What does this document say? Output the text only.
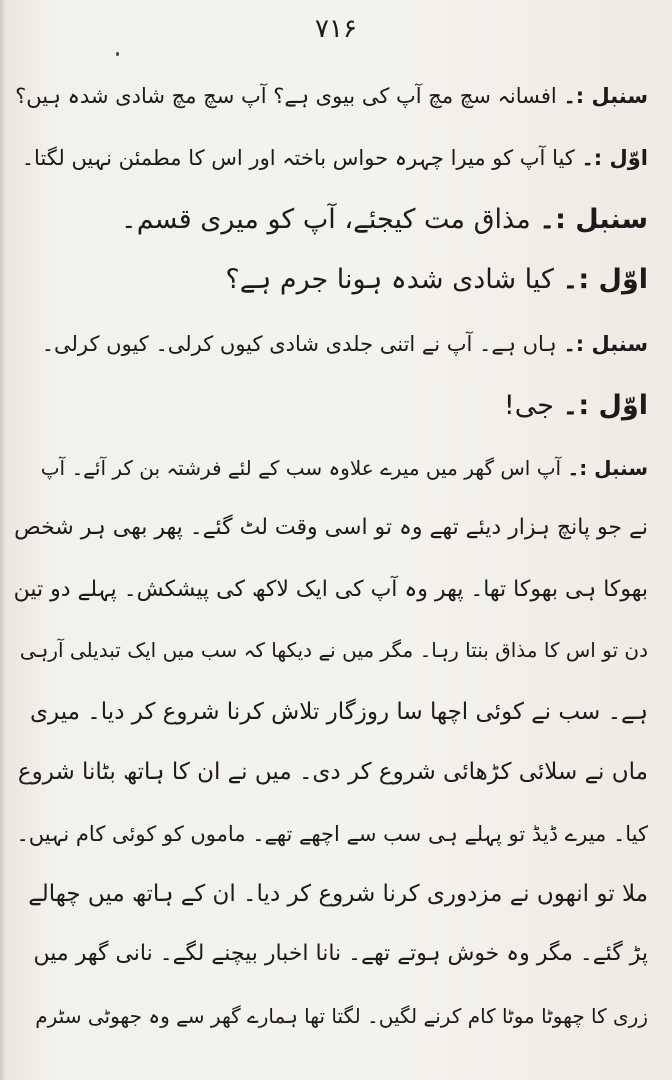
۷۱۶
سنبل :۔ افسانہ سچ مچ آپ کی بیوی ہے؟ آپ سچ مچ شادی شدہ ہیں؟
اوّل :۔ کیا آپ کو میرا چہرہ حواس باختہ اور اس کا مطمئن نہیں لگتا۔
سنبل :۔ مذاق مت کیجئے، آپ کو میری قسم۔
اوّل :۔ کیا شادی شدہ ہونا جرم ہے؟
سنبل :۔ ہاں ہے۔ آپ نے اتنی جلدی شادی کیوں کرلی۔ کیوں کرلی۔
اوّل :۔ جی!
سنبل :۔ آپ اس گھر میں میرے علاوہ سب کے لئے فرشتہ بن کر آئے۔ آپ
نے جو پانچ ہزار دیئے تھے وہ تو اسی وقت لٹ گئے۔ پھر بھی ہر شخص
بھوکا ہی بھوکا تھا۔ پھر وہ آپ کی ایک لاکھ کی پیشکش۔ پہلے دو تین
دن تو اس کا مذاق بنتا رہا۔ مگر میں نے دیکھا کہ سب میں ایک تبدیلی آرہی
ہے۔ سب نے کوئی اچھا سا روزگار تلاش کرنا شروع کر دیا۔ میری
ماں نے سلائی کڑھائی شروع کر دی۔ میں نے ان کا ہاتھ بٹانا شروع
کیا۔ میرے ڈیڈ تو پہلے ہی سب سے اچھے تھے۔ ماموں کو کوئی کام نہیں۔
ملا تو انھوں نے مزدوری کرنا شروع کر دیا۔ ان کے ہاتھ میں چھالے
پڑ گئے۔ مگر وہ خوش ہوتے تھے۔ نانا اخبار بیچنے لگے۔ نانی گھر میں
زری کا چھوٹا موٹا کام کرنے لگیں۔ لگتا تھا ہمارے گھر سے وہ جھوٹی سٹرم
